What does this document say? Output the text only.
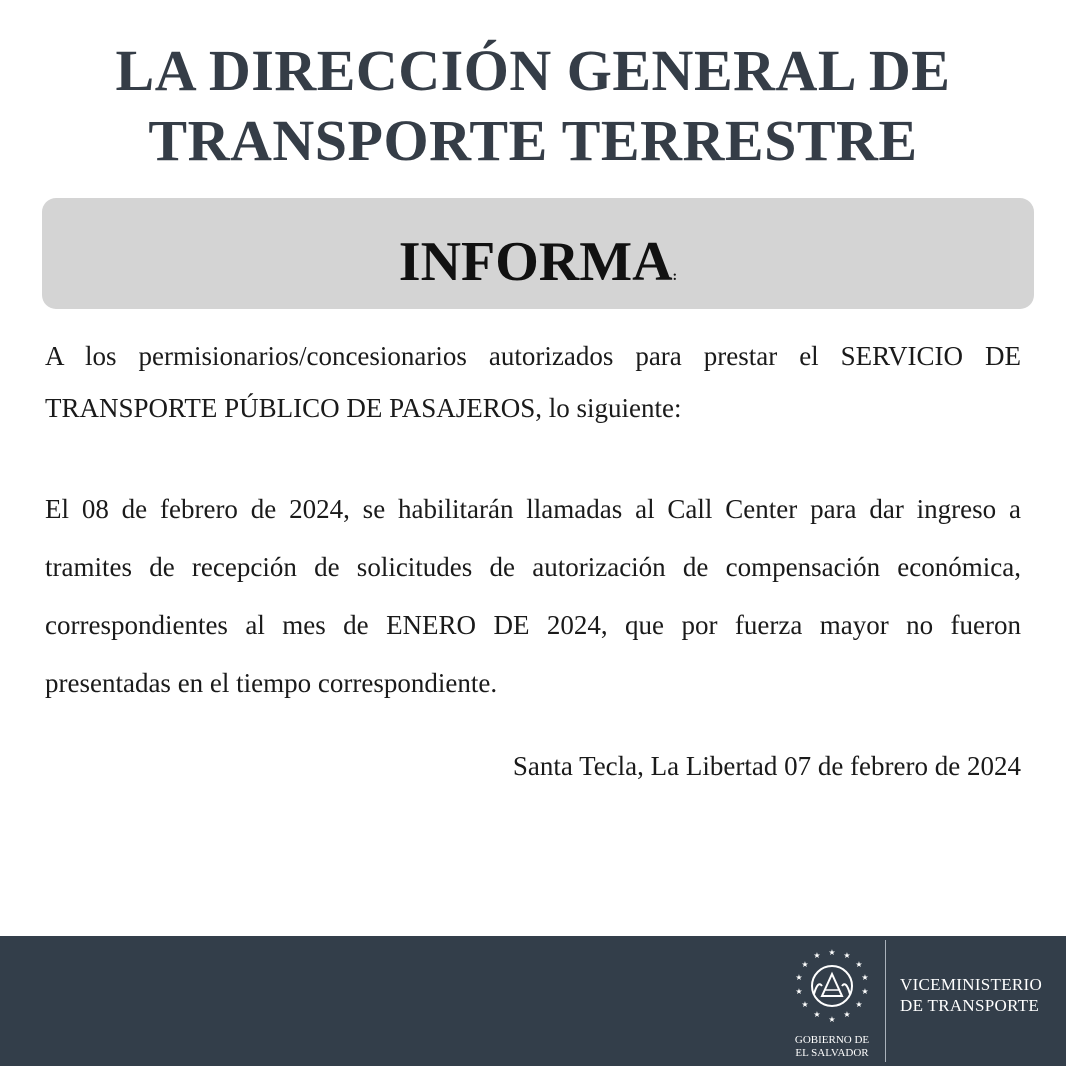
LA DIRECCIÓN GENERAL DE
TRANSPORTE TERRESTRE
INFORMA:
A los permisionarios/concesionarios autorizados para prestar el SERVICIO DE TRANSPORTE PÚBLICO DE PASAJEROS, lo siguiente:
El 08 de febrero de 2024, se habilitarán llamadas al Call Center para dar ingreso a tramites de recepción de solicitudes de autorización de compensación económica, correspondientes al mes de ENERO DE 2024, que por fuerza mayor no fueron presentadas en el tiempo correspondiente.
Santa Tecla, La Libertad 07 de febrero de 2024
★ ★
★
★
★
★
★
★
★
★
★
★
★
★
GOBIERNO DE
EL SALVADOR
VICEMINISTERIO
DE TRANSPORTE
